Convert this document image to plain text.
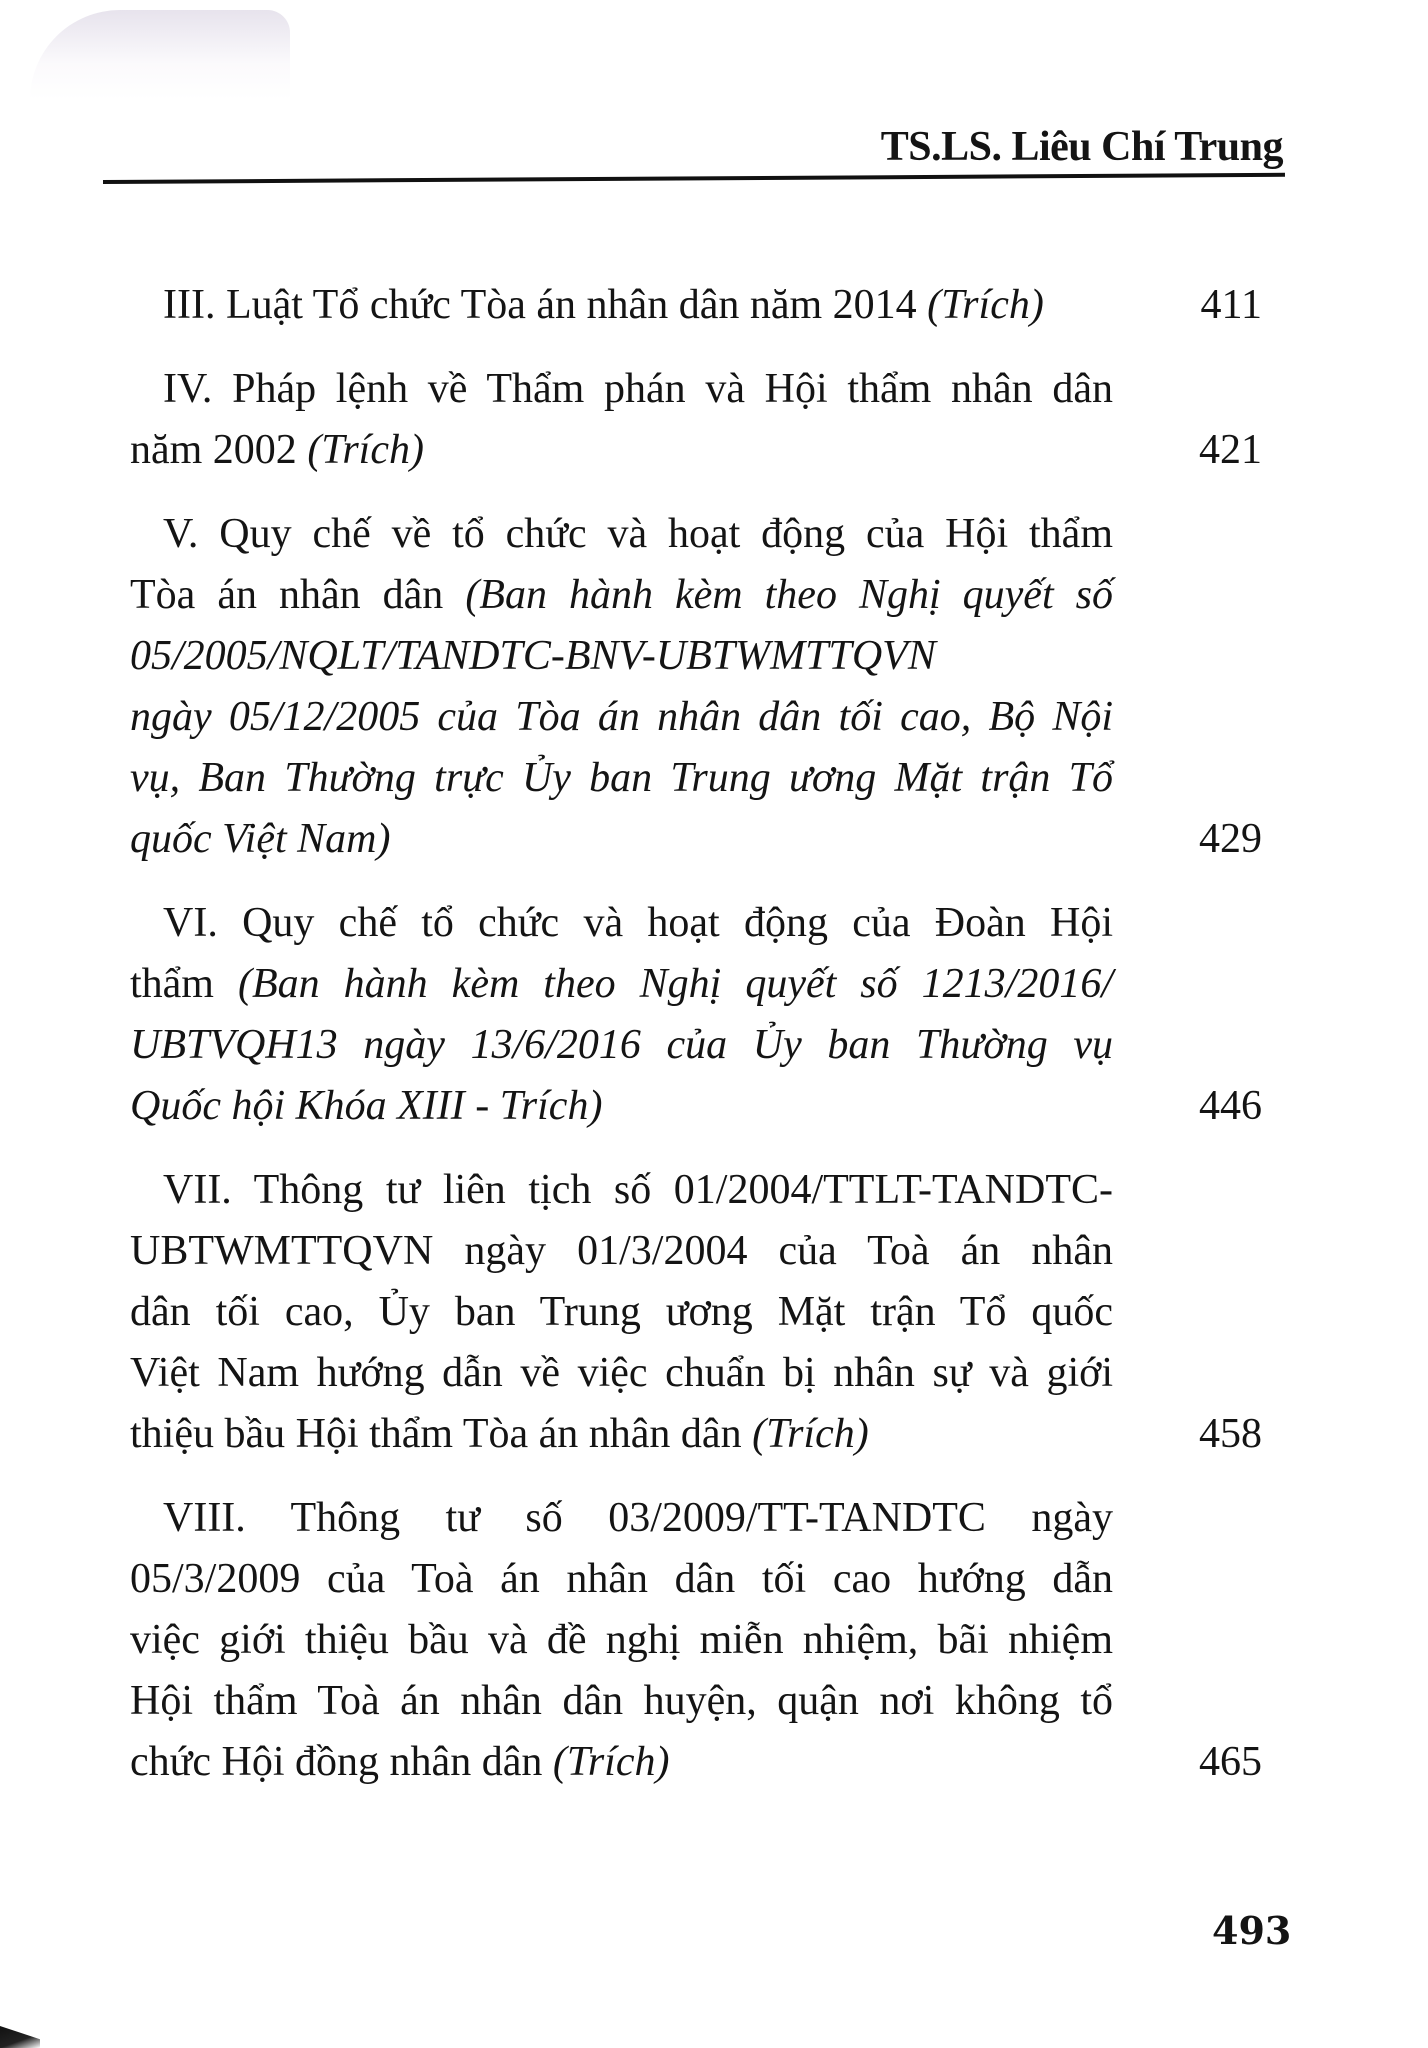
TS.LS. Liêu Chí Trung
III. Luật Tổ chức Tòa án nhân dân năm 2014 (Trích)	411
IV. Pháp lệnh về Thẩm phán và Hội thẩm nhân dân
năm 2002 (Trích)	421
V. Quy chế về tổ chức và hoạt động của Hội thẩm
Tòa án nhân dân (Ban hành kèm theo Nghị quyết số
05/2005/NQLT/TANDTC-BNV-UBTWMTTQVN
ngày 05/12/2005 của Tòa án nhân dân tối cao, Bộ Nội
vụ, Ban Thường trực Ủy ban Trung ương Mặt trận Tổ
quốc Việt Nam)	429
VI. Quy chế tổ chức và hoạt động của Đoàn Hội
thẩm (Ban hành kèm theo Nghị quyết số 1213/2016/
UBTVQH13 ngày 13/6/2016 của Ủy ban Thường vụ
Quốc hội Khóa XIII - Trích)	446
VII. Thông tư liên tịch số 01/2004/TTLT-TANDTC-
UBTWMTTQVN ngày 01/3/2004 của Toà án nhân
dân tối cao, Ủy ban Trung ương Mặt trận Tổ quốc
Việt Nam hướng dẫn về việc chuẩn bị nhân sự và giới
thiệu bầu Hội thẩm Tòa án nhân dân (Trích)	458
VIII. Thông tư số 03/2009/TT-TANDTC ngày
05/3/2009 của Toà án nhân dân tối cao hướng dẫn
việc giới thiệu bầu và đề nghị miễn nhiệm, bãi nhiệm
Hội thẩm Toà án nhân dân huyện, quận nơi không tổ
chức Hội đồng nhân dân (Trích)	465
493
